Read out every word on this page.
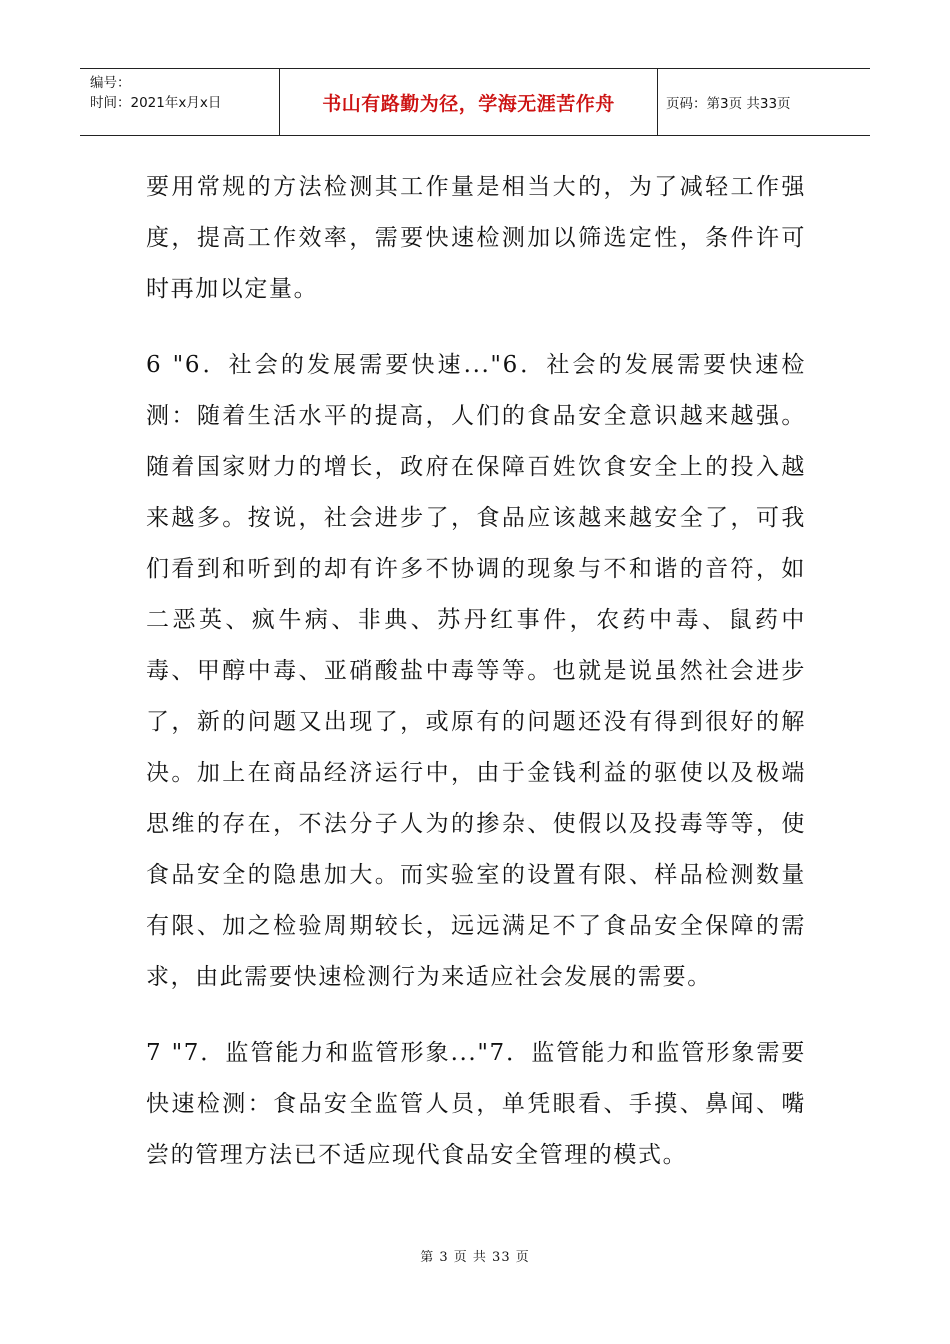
编号：
时间：2021年x月x日	书山有路勤为径，学海无涯苦作舟	页码：第3页 共33页

要用常规的方法检测其工作量是相当大的，为了减轻工作强度，提高工作效率，需要快速检测加以筛选定性，条件许可时再加以定量。

6 "6．社会的发展需要快速..."6．社会的发展需要快速检测：随着生活水平的提高，人们的食品安全意识越来越强。随着国家财力的增长，政府在保障百姓饮食安全上的投入越来越多。按说，社会进步了，食品应该越来越安全了，可我们看到和听到的却有许多不协调的现象与不和谐的音符，如二恶英、疯牛病、非典、苏丹红事件，农药中毒、鼠药中毒、甲醇中毒、亚硝酸盐中毒等等。也就是说虽然社会进步了，新的问题又出现了，或原有的问题还没有得到很好的解决。加上在商品经济运行中，由于金钱利益的驱使以及极端思维的存在，不法分子人为的掺杂、使假以及投毒等等，使食品安全的隐患加大。而实验室的设置有限、样品检测数量有限、加之检验周期较长，远远满足不了食品安全保障的需求，由此需要快速检测行为来适应社会发展的需要。

7 "7．监管能力和监管形象..."7．监管能力和监管形象需要快速检测：食品安全监管人员，单凭眼看、手摸、鼻闻、嘴尝的管理方法已不适应现代食品安全管理的模式。

第 3 页 共 33 页
